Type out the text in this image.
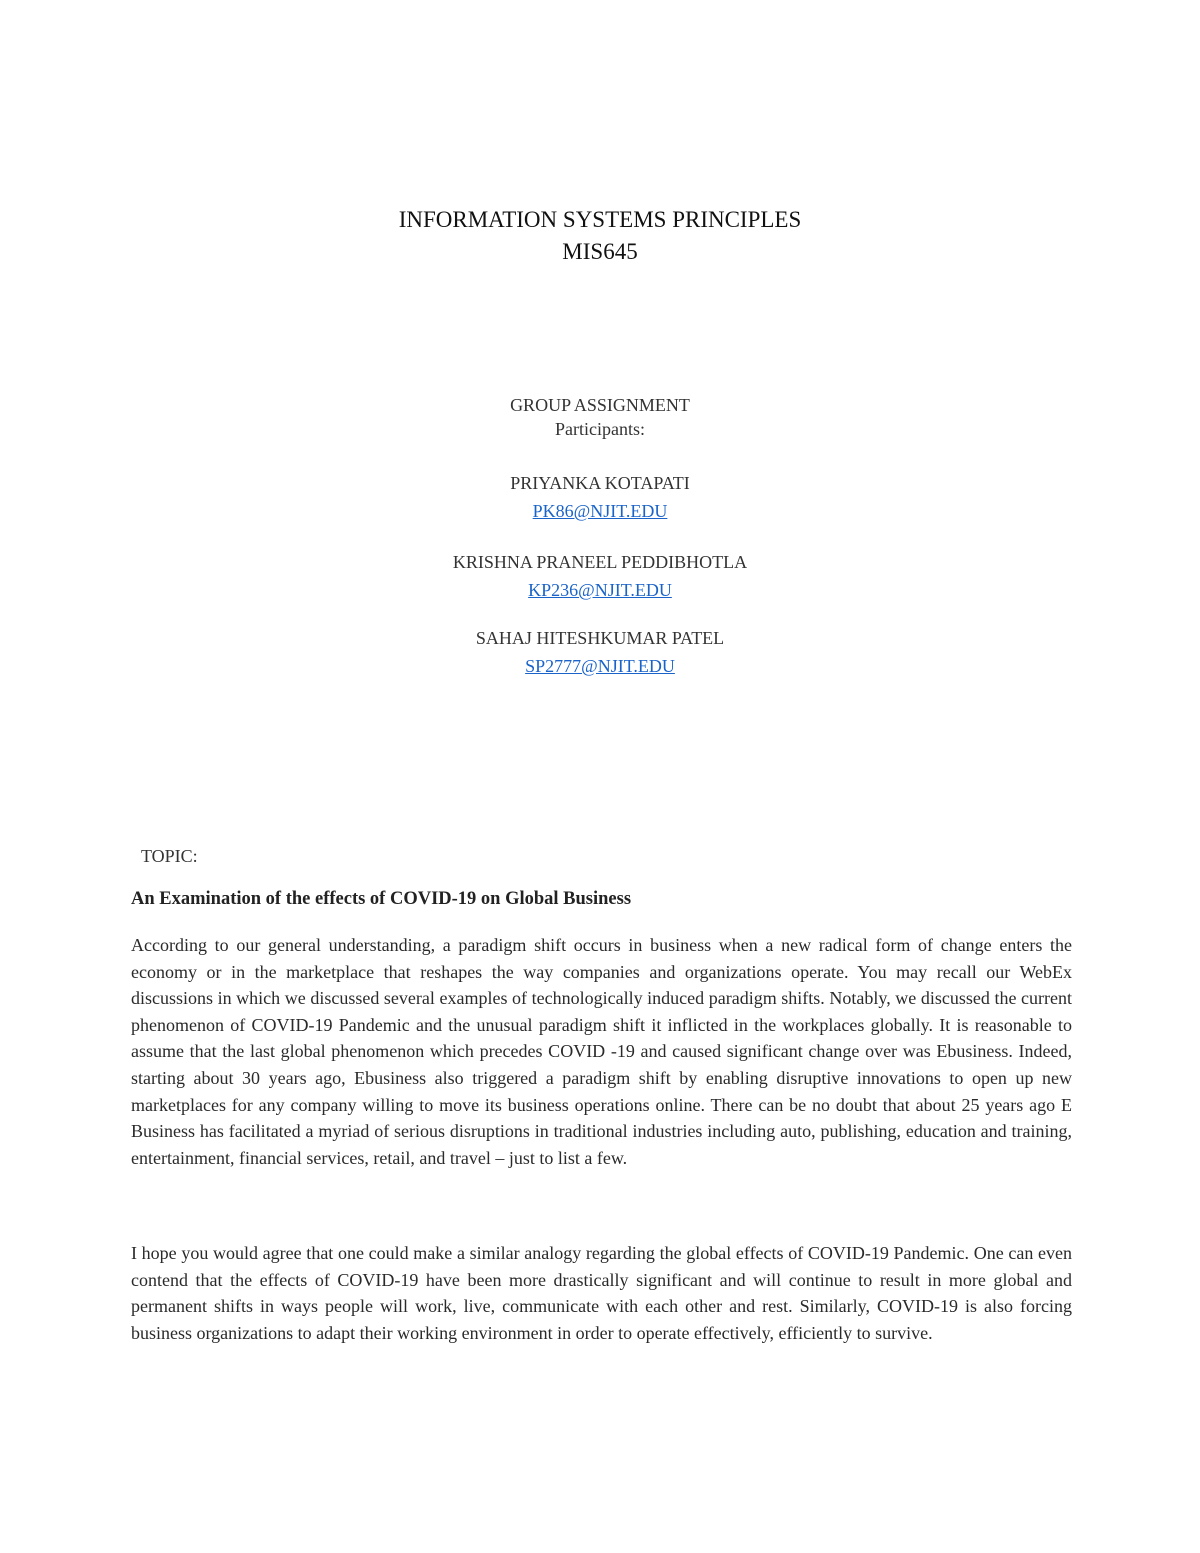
INFORMATION SYSTEMS PRINCIPLES
MIS645
GROUP ASSIGNMENT
Participants:
PRIYANKA KOTAPATI
PK86@NJIT.EDU
KRISHNA PRANEEL PEDDIBHOTLA
KP236@NJIT.EDU
SAHAJ HITESHKUMAR PATEL
SP2777@NJIT.EDU
TOPIC:
An Examination of the effects of COVID-19 on Global Business

According to our general understanding, a paradigm shift occurs in business when a new radical form of change enters the economy or in the marketplace that reshapes the way companies and organizations operate. You may recall our WebEx discussions in which we discussed several examples of technologically induced paradigm shifts. Notably, we discussed the current phenomenon of COVID-19 Pandemic and the unusual paradigm shift it inflicted in the workplaces globally. It is reasonable to assume that the last global phenomenon which precedes COVID -19 and caused significant change over was Ebusiness. Indeed, starting about 30 years ago, Ebusiness also triggered a paradigm shift by enabling disruptive innovations to open up new marketplaces for any company willing to move its business operations online. There can be no doubt that about 25 years ago E Business has facilitated a myriad of serious disruptions in traditional industries including auto, publishing, education and training, entertainment, financial services, retail, and travel – just to list a few.

I hope you would agree that one could make a similar analogy regarding the global effects of COVID-19 Pandemic. One can even contend that the effects of COVID-19 have been more drastically significant and will continue to result in more global and permanent shifts in ways people will work, live, communicate with each other and rest. Similarly, COVID-19 is also forcing business organizations to adapt their working environment in order to operate effectively, efficiently to survive.
